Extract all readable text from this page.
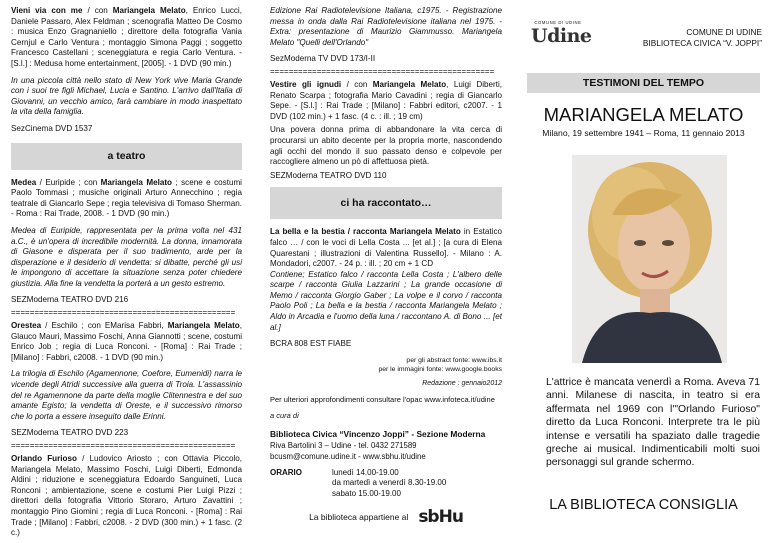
Vieni via con me / con Mariangela Melato, Enrico Lucci, Daniele Passaro, Alex Feldman ; scenografia Matteo De Cosmo : musica Enzo Gragnaniello ; direttore della fotografia Vania Cernjul e Carlo Ventura ; montaggio Simona Paggi ; soggetto Francesco Castellani ; sceneggiatura e regia Carlo Ventura. - [S.l.] : Medusa home entertainment, [2005]. - 1 DVD (90 min.)
In una piccola città nello stato di New York vive Maria Grande con i suoi tre figli Michael, Lucia e Santino. L'arrivo dall'Italia di Giovanni, un vecchio amico, farà cambiare in modo inaspettato la vita della famiglia.
SezCinema DVD 1537
a teatro
Medea / Euripide ; con Mariangela Melato ; scene e costumi Paolo Tommasi ; musiche originali Arturo Annecchino ; regia teatrale di Giancarlo Sepe ; regia televisiva di Tomaso Sherman. - Roma : Rai Trade, 2008. - 1 DVD (90 min.)
Medea di Euripide, rappresentata per la prima volta nel 431 a.C., è un'opera di incredibile modernità. La donna, innamorata di Giasone e disperata per il suo tradimento, arde per la disperazione e il desiderio di vendetta: si dibatte, perché gli usi le impongono di accettare la situazione senza poter chiedere giustizia. Alla fine la vendetta la porterà a un gesto estremo.
SEZModerna TEATRO DVD 216
================================================
Orestea / Eschilo ; con EMarisa Fabbri, Mariangela Melato, Glauco Mauri, Massimo Foschi, Anna Giannotti ; scene, costumi Enrico Job ; regia di Luca Ronconi. - [Roma] : Rai Trade ; [Milano] : Fabbri, c2008. - 1 DVD (90 min.)
La trilogia di Eschilo (Agamennone, Coefore, Eumenidi) narra le vicende degli Atridi successive alla guerra di Troia. L'assassinio del re Agamennone da parte della moglie Clitennestra e del suo amante Egisto; la vendetta di Oreste, e il successivo rimorso che lo porta a essere inseguito dalle Erinni.
SEZModerna TEATRO DVD 223
================================================
Orlando Furioso / Ludovico Ariosto ; con Ottavia Piccolo, Mariangela Melato, Massimo Foschi, Luigi Diberti, Edmonda Aldini ; riduzione e sceneggiatura Edoardo Sanguineti, Luca Ronconi ; ambientazione, scene e costumi Pier Luigi Pizzi ; direttori della fotografia Vittorio Storaro, Arturo Zavattini ; montaggio Pino Giomini ; regia di Luca Ronconi. - [Roma] : Rai Trade ; [Milano] : Fabbri, c2008. - 2 DVD (300 min.) + 1 fasc. (2 c.)
Edizione Rai Radiotelevisione Italiana, c1975. - Registrazione messa in onda dalla Rai Radiotelevisione italiana nel 1975. - Extra: presentazione di Maurizio Giammusso. Mariangela Melato "Quelli dell'Orlando"
SezModerna TV DVD 173/I-II
================================================
Vestire gli ignudi / con Mariangela Melato, Luigi Diberti, Renato Scarpa ; fotografia Mario Cavadini ; regia di Giancarlo Sepe. - [S.l.] : Rai Trade ; [Milano] : Fabbri editori, c2007. - 1 DVD (102 min.) + 1 fasc. (4 c. : ill. ; 19 cm)
Una povera donna prima di abbandonare la vita cerca di procurarsi un abito decente per la propria morte, nascondendo agli occhi del mondo il suo passato denso e colpevole per raccogliere almeno un pò di affettuosa pietà.
SEZModerna TEATRO DVD 110
ci ha raccontato…
La bella e la bestia / racconta Mariangela Melato in Estatico falco … / con le voci di Lella Costa ... [et al.] ; [a cura di Elena Quarestani ; illustrazioni di Valentina Russello]. - Milano : A. Mondadori, c2007. - 24 p. : ill. ; 20 cm + 1 CD
Contiene; Estatico falco / racconta Lella Costa ; L'albero delle scarpe / racconta Giulia Lazzarini ; La grande occasione di Memo / racconta Giorgio Gaber ; La volpe e il corvo / racconta Paolo Poli ; La bella e la bestia / racconta Mariangela Melato ; Aldo in Arcadia e l'uomo della luna / raccontano A. di Bono ... [et al.]
BCRA 808 EST FIABE
per gli abstract fonte: www.ibs.it
per le immagini fonte: www.google.books
Redazione : gennaio2012
Per ulteriori approfondimenti consultare l'opac www.infoteca.it/udine
a cura di
Biblioteca Civica “Vincenzo Joppi” - Sezione Moderna
Riva Bartolini 3 – Udine - tel. 0432 271589
bcusm@comune.udine.it - www.sbhu.it/udine
ORARIO	lunedì 14.00-19.00
da martedì a venerdì 8.30-19.00
sabato 15.00-19.00
La biblioteca appartiene al sbHu
COMUNE DI UDINE
Udine	COMUNE DI UDINE
BIBLIOTECA CIVICA “V. JOPPI”
TESTIMONI DEL TEMPO
MARIANGELA MELATO
Milano, 19 settembre 1941 – Roma, 11 gennaio 2013
L'attrice è mancata venerdì a Roma. Aveva 71 anni. Milanese di nascita, in teatro si era affermata nel 1969 con l'"Orlando Furioso" diretto da Luca Ronconi. Interprete tra le più intense e versatili ha spaziato dalle tragedie greche ai musical. Indimenticabili molti suoi personaggi sul grande schermo.
LA BIBLIOTECA CONSIGLIA
